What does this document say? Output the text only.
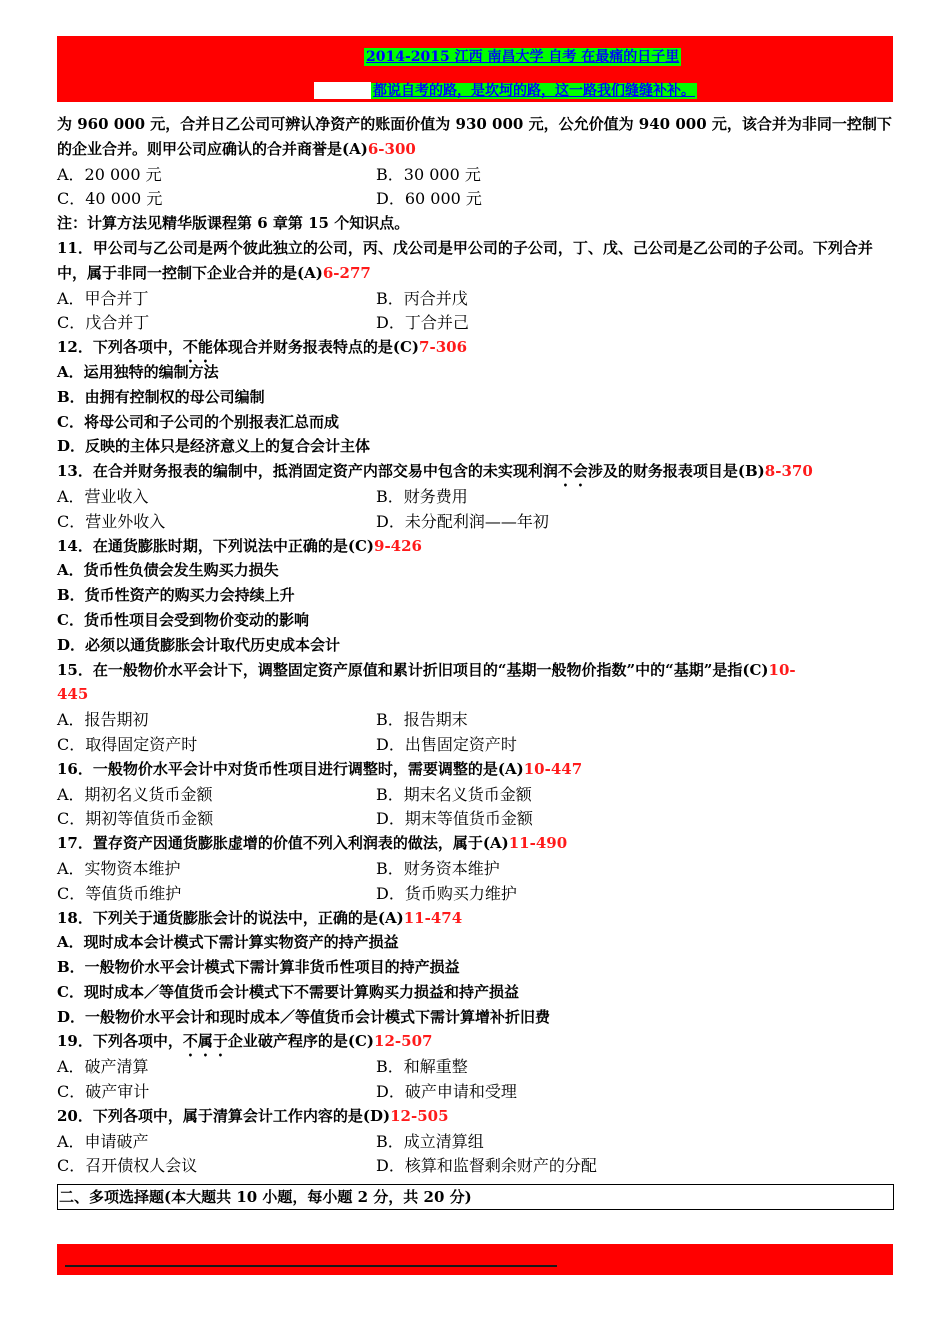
2014-2015 江西 南昌大学 自考 在最痛的日子里
都说自考的路，是坎坷的路，这一路我们缝缝补补。
为 960 000 元，合并日乙公司可辨认净资产的账面价值为 930 000 元，公允价值为 940 000 元，该合并为非同一控制下的企业合并。则甲公司应确认的合并商誉是(A)6-300
A．20 000 元	B．30 000 元
C．40 000 元	D．60 000 元
注：计算方法见精华版课程第 6 章第 15 个知识点。
11．甲公司与乙公司是两个彼此独立的公司，丙、戊公司是甲公司的子公司，丁、戊、己公司是乙公司的子公司。下列合并中，属于非同一控制下企业合并的是(A)6-277
A．甲合并丁	B．丙合并戊
C．戊合并丁	D．丁合并己
12．下列各项中，不能体现合并财务报表特点的是(C)7-306
A．运用独特的编制方法
B．由拥有控制权的母公司编制
C．将母公司和子公司的个别报表汇总而成
D．反映的主体只是经济意义上的复合会计主体
13．在合并财务报表的编制中，抵消固定资产内部交易中包含的未实现利润不会涉及的财务报表项目是(B)8-370
A．营业收入	B．财务费用
C．营业外收入	D．未分配利润——年初
14．在通货膨胀时期，下列说法中正确的是(C)9-426
A．货币性负债会发生购买力损失
B．货币性资产的购买力会持续上升
C．货币性项目会受到物价变动的影响
D．必须以通货膨胀会计取代历史成本会计
15．在一般物价水平会计下，调整固定资产原值和累计折旧项目的“基期一般物价指数”中的“基期”是指(C)10-
445
A．报告期初	B．报告期末
C．取得固定资产时	D．出售固定资产时
16．一般物价水平会计中对货币性项目进行调整时，需要调整的是(A)10-447
A．期初名义货币金额	B．期末名义货币金额
C．期初等值货币金额	D．期末等值货币金额
17．置存资产因通货膨胀虚增的价值不列入利润表的做法，属于(A)11-490
A．实物资本维护	B．财务资本维护
C．等值货币维护	D．货币购买力维护
18．下列关于通货膨胀会计的说法中，正确的是(A)11-474
A．现时成本会计模式下需计算实物资产的持产损益
B．一般物价水平会计模式下需计算非货币性项目的持产损益
C．现时成本／等值货币会计模式下不需要计算购买力损益和持产损益
D．一般物价水平会计和现时成本／等值货币会计模式下需计算增补折旧费
19．下列各项中，不属于企业破产程序的是(C)12-507
A．破产清算	B．和解重整
C．破产审计	D．破产申请和受理
20．下列各项中，属于清算会计工作内容的是(D)12-505
A．申请破产	B．成立清算组
C．召开债权人会议	D．核算和监督剩余财产的分配
二、多项选择题(本大题共 10 小题，每小题 2 分，共 20 分)
